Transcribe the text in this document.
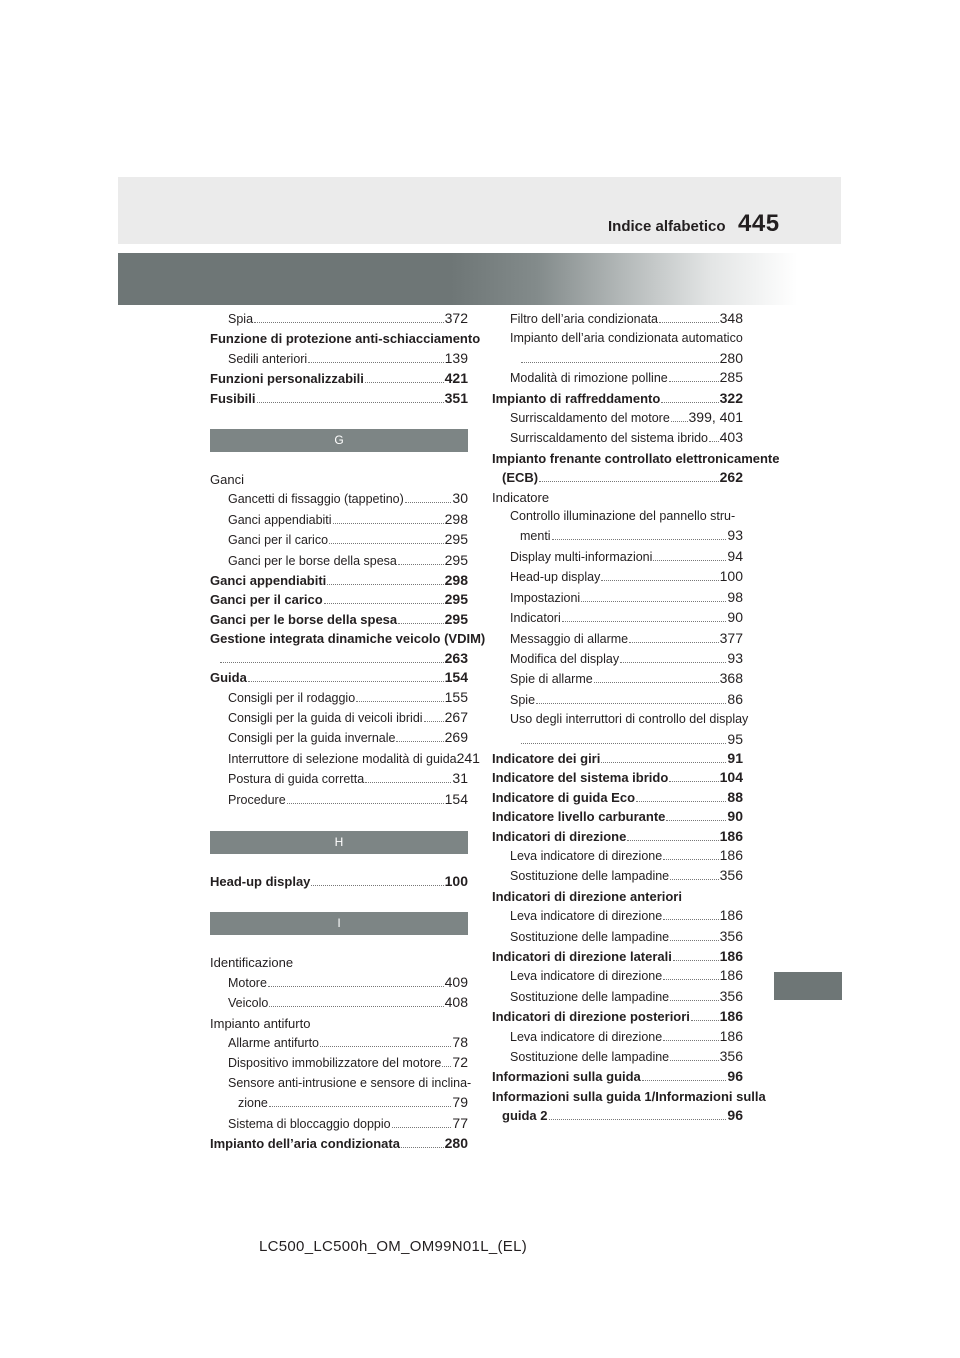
445
Indice alfabetico
Spia	372
Funzione di protezione anti-schiacciamento
Sedili anteriori	139
Funzioni personalizzabili	421
Fusibili	351
G
Ganci
Gancetti di fissaggio (tappetino)	30
Ganci appendiabiti	298
Ganci per il carico	295
Ganci per le borse della spesa	295
Ganci appendiabiti	298
Ganci per il carico	295
Ganci per le borse della spesa	295
Gestione integrata dinamiche veicolo (VDIM)
263
Guida	154
Consigli per il rodaggio	155
Consigli per la guida di veicoli ibridi 267
Consigli per la guida invernale	269
Interruttore di selezione modalità di guida 241
Postura di guida corretta	31
Procedure	154
H
Head-up display	100
I
Identificazione
Motore	409
Veicolo	408
Impianto antifurto
Allarme antifurto	78
Dispositivo immobilizzatore del motore 72
Sensore anti-intrusione e sensore di inclina-
zione	79
Sistema di bloccaggio doppio	77
Impianto dell’aria condizionata	280
Filtro dell’aria condizionata	348
Impianto dell’aria condizionata automatico
280
Modalità di rimozione polline	285
Impianto di raffreddamento	322
Surriscaldamento del motore 399, 401
Surriscaldamento del sistema ibrido 403
Impianto frenante controllato elettronicamente
(ECB)	262
Indicatore
Controllo illuminazione del pannello stru-
menti	93
Display multi-informazioni	94
Head-up display	100
Impostazioni	98
Indicatori	90
Messaggio di allarme	377
Modifica del display	93
Spie di allarme	368
Spie	86
Uso degli interruttori di controllo del display
95
Indicatore dei giri	91
Indicatore del sistema ibrido	104
Indicatore di guida Eco	88
Indicatore livello carburante	90
Indicatori di direzione	186
Leva indicatore di direzione	186
Sostituzione delle lampadine	356
Indicatori di direzione anteriori
Leva indicatore di direzione	186
Sostituzione delle lampadine	356
Indicatori di direzione laterali	186
Leva indicatore di direzione	186
Sostituzione delle lampadine	356
Indicatori di direzione posteriori 186
Leva indicatore di direzione	186
Sostituzione delle lampadine	356
Informazioni sulla guida	96
Informazioni sulla guida 1/Informazioni sulla
guida 2	96
LC500_LC500h_OM_OM99N01L_(EL)
